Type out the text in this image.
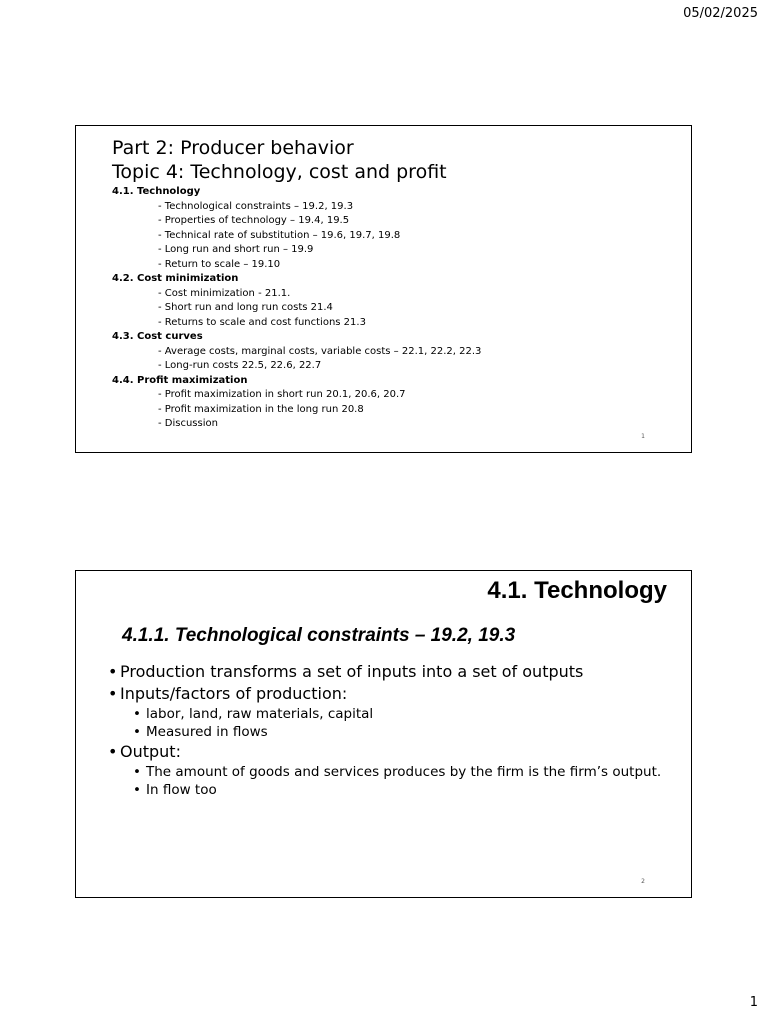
05/02/2025
Part 2: Producer behavior
Topic 4: Technology, cost and profit
4.1. Technology
- Technological constraints – 19.2, 19.3
- Properties of technology – 19.4, 19.5
- Technical rate of substitution – 19.6, 19.7, 19.8
- Long run and short run – 19.9
- Return to scale – 19.10
4.2. Cost minimization
- Cost minimization - 21.1.
- Short run and long run costs 21.4
- Returns to scale and cost functions 21.3
4.3. Cost curves
- Average costs, marginal costs, variable costs – 22.1, 22.2, 22.3
- Long-run costs 22.5, 22.6, 22.7
4.4. Profit maximization
- Profit maximization in short run 20.1, 20.6, 20.7
- Profit maximization in the long run 20.8
- Discussion
1
4.1. Technology
4.1.1. Technological constraints – 19.2, 19.3
• Production transforms a set of inputs into a set of outputs
• Inputs/factors of production:
• labor, land, raw materials, capital
• Measured in flows
• Output:
• The amount of goods and services produces by the firm is the firm’s output.
• In flow too
2
1
